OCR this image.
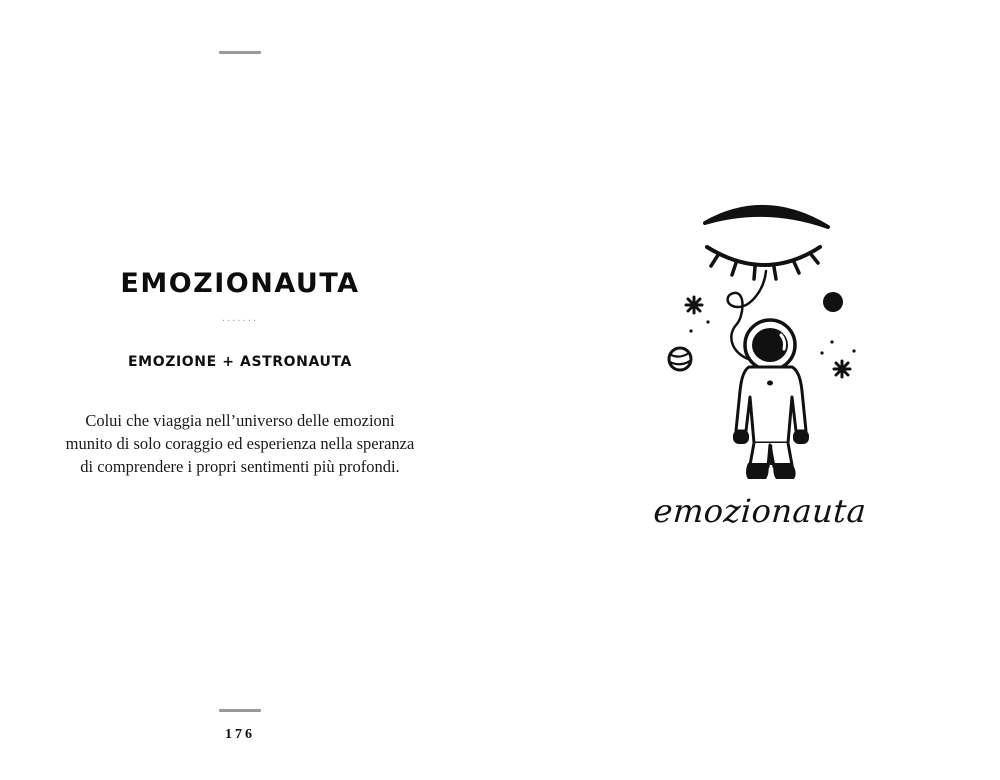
EMOZIONAUTA
·······
EMOZIONE + ASTRONAUTA
Colui che viaggia nell’universo delle emozioni
munito di solo coraggio ed esperienza nella speranza
di comprendere i propri sentimenti più profondi.
176
emozionauta
